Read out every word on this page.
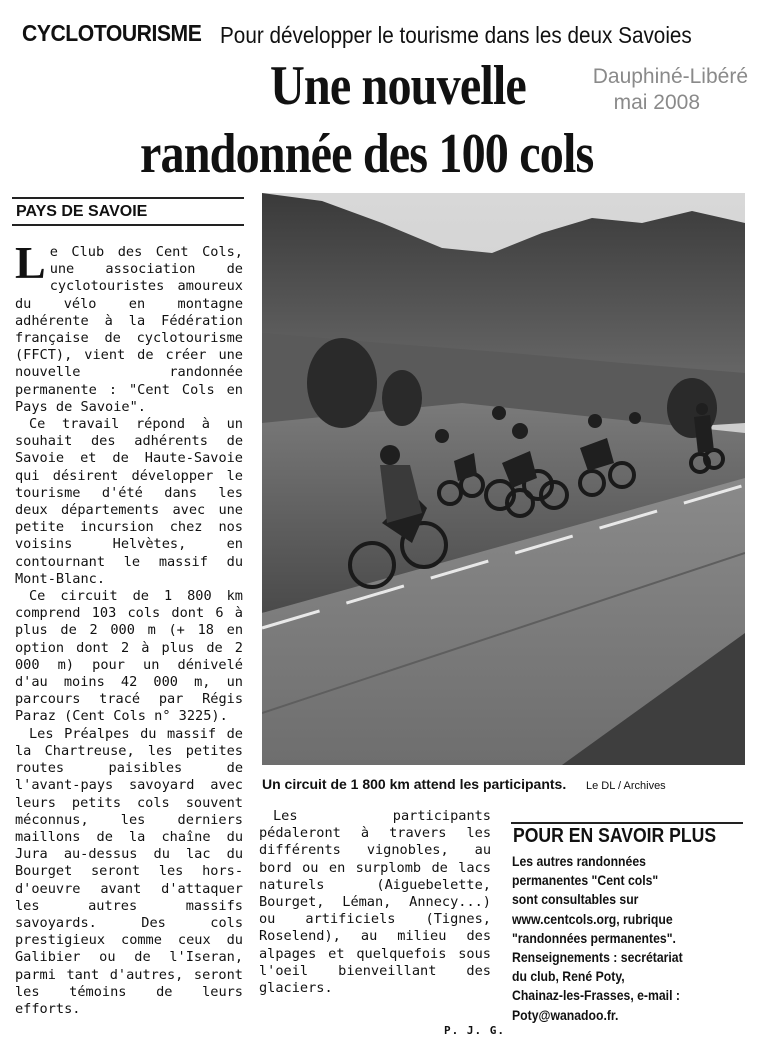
CYCLOTOURISME Pour développer le tourisme dans les deux Savoies
Une nouvelle
randonnée des 100 cols
Dauphiné-Libéré
mai 2008
PAYS DE SAVOIE

Le Club des Cent Cols, une association de cyclotouristes amoureux du vélo en montagne adhérente à la Fédération française de cyclotourisme (FFCT), vient de créer une nouvelle randonnée permanente : "Cent Cols en Pays de Savoie".

Ce travail répond à un souhait des adhérents de Savoie et de Haute-Savoie qui désirent développer le tourisme d'été dans les deux départements avec une petite incursion chez nos voisins Helvètes, en contournant le massif du Mont-Blanc.

Ce circuit de 1 800 km comprend 103 cols dont 6 à plus de 2 000 m (+ 18 en option dont 2 à plus de 2 000 m) pour un dénivelé d'au moins 42 000 m, un parcours tracé par Régis Paraz (Cent Cols n° 3225).

Les Préalpes du massif de la Chartreuse, les petites routes paisibles de l'avant-pays savoyard avec leurs petits cols souvent méconnus, les derniers maillons de la chaîne du Jura au-dessus du lac du Bourget seront les hors-d'oeuvre avant d'attaquer les autres massifs savoyards. Des cols prestigieux comme ceux du Galibier ou de l'Iseran, parmi tant d'autres, seront les témoins de leurs efforts.

Un circuit de 1 800 km attend les participants. Le DL / Archives

Les participants pédaleront à travers les différents vignobles, au bord ou en surplomb de lacs naturels (Aiguebelette, Bourget, Léman, Annecy...) ou artificiels (Tignes, Roselend), au milieu des alpages et quelquefois sous l'oeil bienveillant des glaciers.

POUR EN SAVOIR PLUS
Les autres randonnées
permanentes "Cent cols"
sont consultables sur
www.centcols.org, rubrique
"randonnées permanentes".
Renseignements : secrétariat
du club, René Poty,
Chainaz-les-Frasses, e-mail :
Poty@wanadoo.fr.
P. J. G.
